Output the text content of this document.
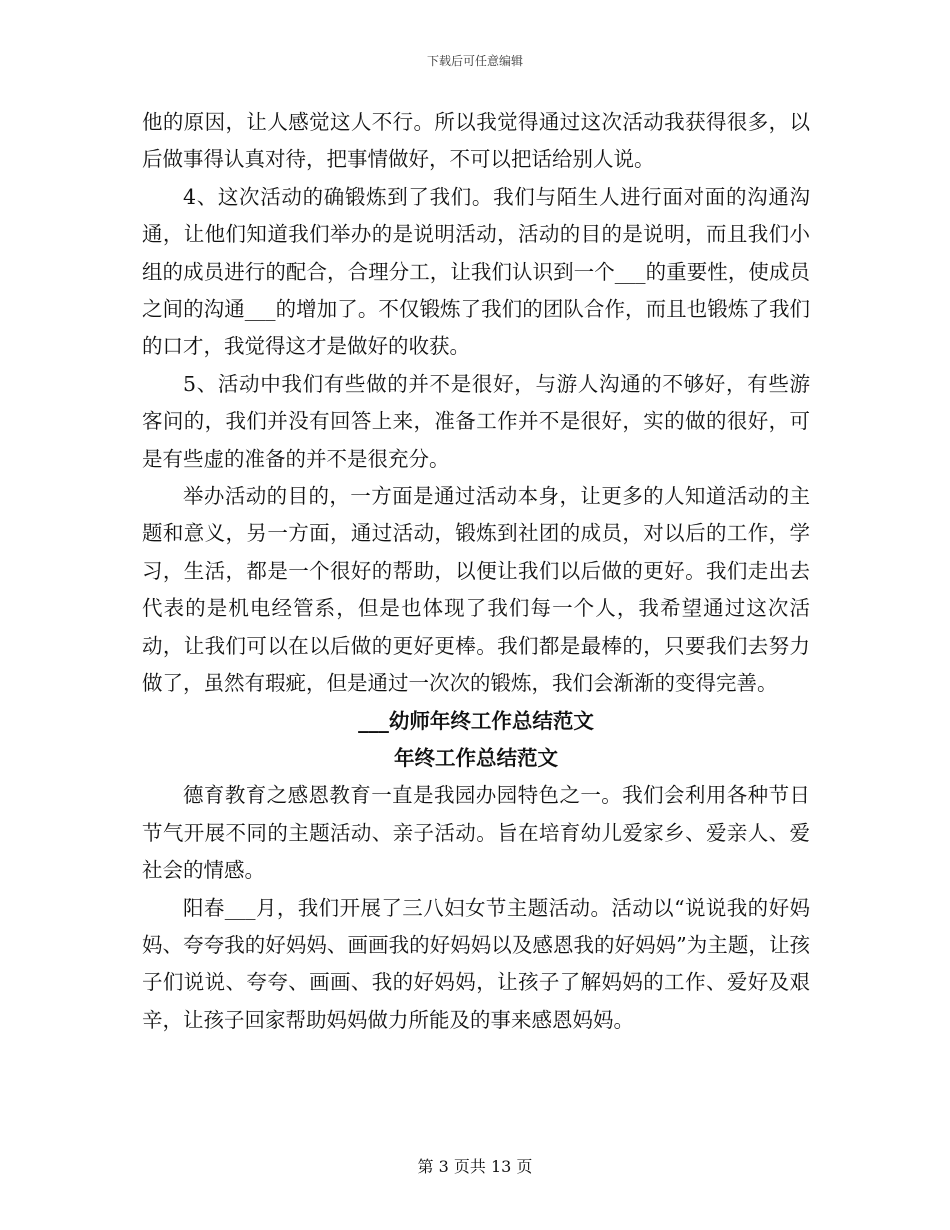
下载后可任意编辑

他的原因，让人感觉这人不行。所以我觉得通过这次活动我获得很多，以后做事得认真对待，把事情做好，不可以把话给别人说。

4、这次活动的确锻炼到了我们。我们与陌生人进行面对面的沟通沟通，让他们知道我们举办的是说明活动，活动的目的是说明，而且我们小组的成员进行的配合，合理分工，让我们认识到一个___的重要性，使成员之间的沟通___的增加了。不仅锻炼了我们的团队合作，而且也锻炼了我们的口才，我觉得这才是做好的收获。

5、活动中我们有些做的并不是很好，与游人沟通的不够好，有些游客问的，我们并没有回答上来，准备工作并不是很好，实的做的很好，可是有些虚的准备的并不是很充分。

举办活动的目的，一方面是通过活动本身，让更多的人知道活动的主题和意义，另一方面，通过活动，锻炼到社团的成员，对以后的工作，学习，生活，都是一个很好的帮助，以便让我们以后做的更好。我们走出去代表的是机电经管系，但是也体现了我们每一个人，我希望通过这次活动，让我们可以在以后做的更好更棒。我们都是最棒的，只要我们去努力做了，虽然有瑕疵，但是通过一次次的锻炼，我们会渐渐的变得完善。

___幼师年终工作总结范文
年终工作总结范文

德育教育之感恩教育一直是我园办园特色之一。我们会利用各种节日节气开展不同的主题活动、亲子活动。旨在培育幼儿爱家乡、爱亲人、爱社会的情感。

阳春___月，我们开展了三八妇女节主题活动。活动以“说说我的好妈妈、夸夸我的好妈妈、画画我的好妈妈以及感恩我的好妈妈”为主题，让孩子们说说、夸夸、画画、我的好妈妈，让孩子了解妈妈的工作、爱好及艰辛，让孩子回家帮助妈妈做力所能及的事来感恩妈妈。

第 3 页共 13 页
